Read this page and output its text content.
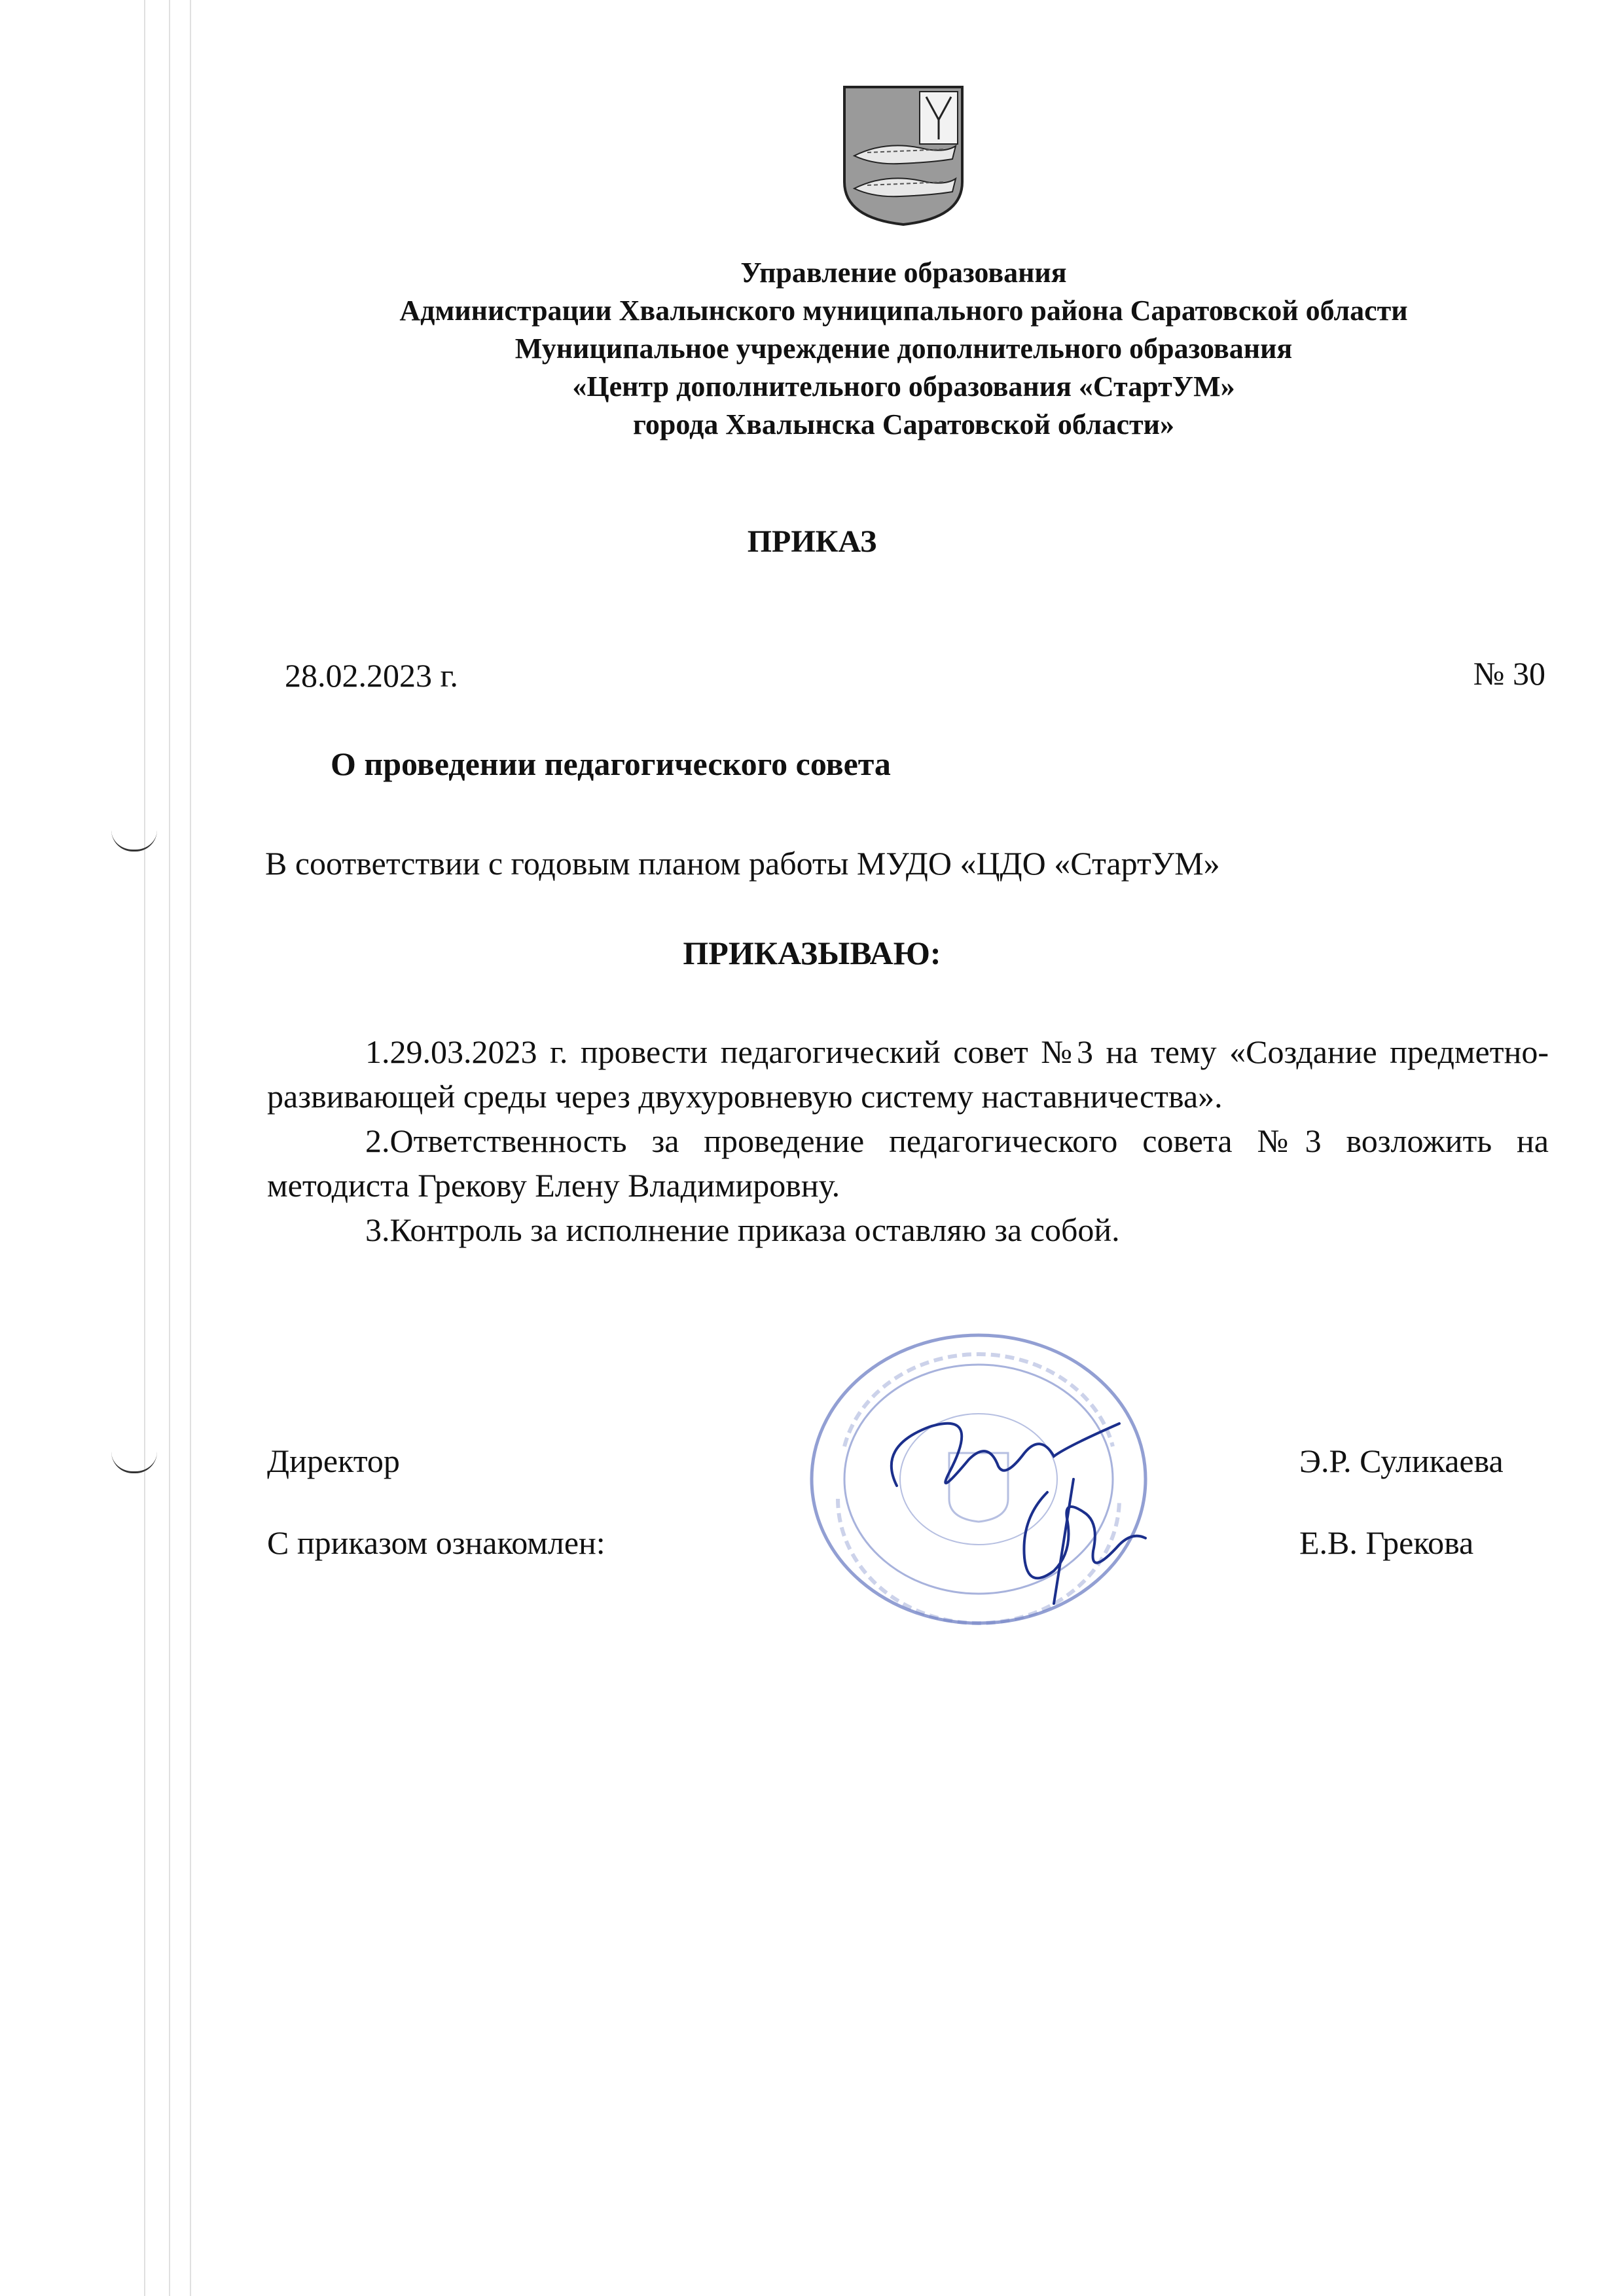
Управление образования
Администрации Хвалынского муниципального района Саратовской области
Муниципальное учреждение дополнительного образования
«Центр дополнительного образования «СтартУМ»
города Хвалынска Саратовской области»
ПРИКАЗ
28.02.2023 г.	№ 30
О проведении педагогического совета
В соответствии с годовым планом работы МУДО «ЦДО «СтартУМ»
ПРИКАЗЫВАЮ:

1.29.03.2023 г. провести педагогический совет №3 на тему «Создание предметно-развивающей среды через двухуровневую систему наставничества».

2.Ответственность за проведение педагогического совета №3 возложить на методиста Грекову Елену Владимировну.

3.Контроль за исполнение приказа оставляю за собой.

Директор	Э.Р. Суликаева
С приказом ознакомлен:	Е.В. Грекова
